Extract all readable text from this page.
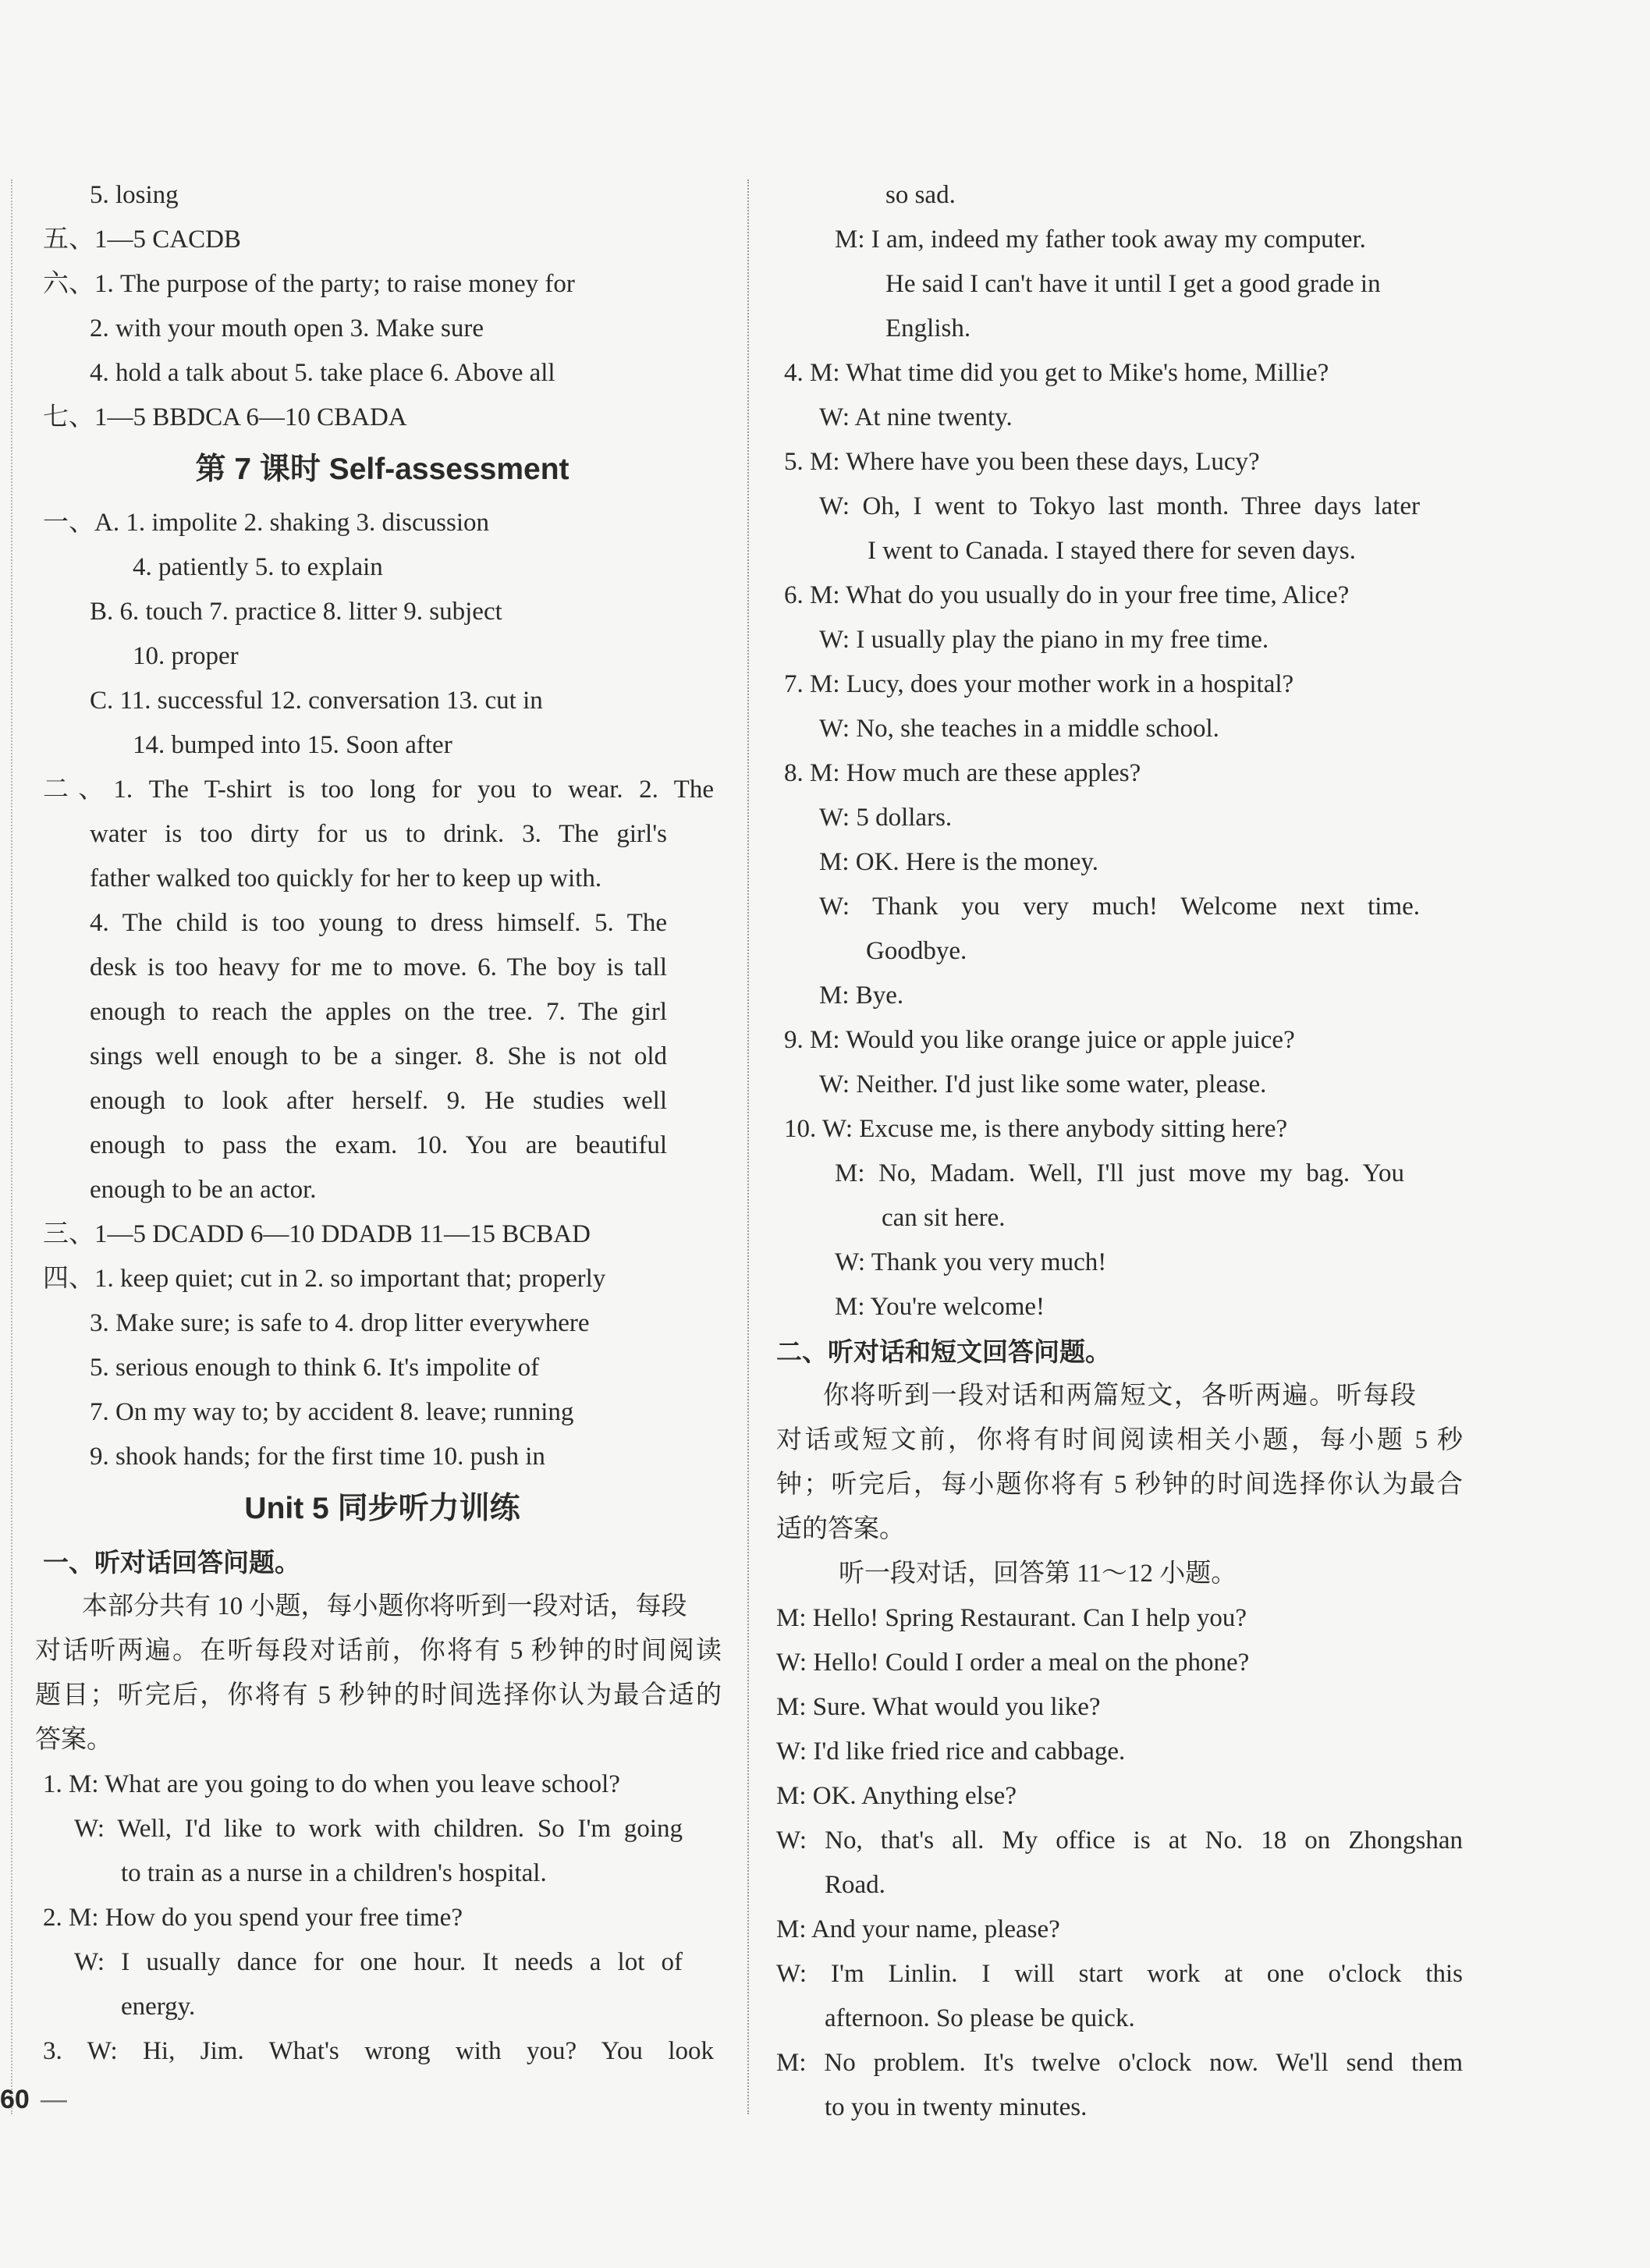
5. losing
五、1—5 CACDB
六、1. The purpose of the party; to raise money for
2. with your mouth open 3. Make sure
4. hold a talk about 5. take place 6. Above all
七、1—5 BBDCA 6—10 CBADA
第 7 课时 Self-assessment
一、A. 1. impolite 2. shaking 3. discussion
4. patiently 5. to explain
B. 6. touch 7. practice 8. litter 9. subject
10. proper
C. 11. successful 12. conversation 13. cut in
14. bumped into 15. Soon after
二、1. The T-shirt is too long for you to wear. 2. The
water is too dirty for us to drink. 3. The girl's
father walked too quickly for her to keep up with.
4. The child is too young to dress himself. 5. The
desk is too heavy for me to move. 6. The boy is tall
enough to reach the apples on the tree. 7. The girl
sings well enough to be a singer. 8. She is not old
enough to look after herself. 9. He studies well
enough to pass the exam. 10. You are beautiful
enough to be an actor.
三、1—5 DCADD 6—10 DDADB 11—15 BCBAD
四、1. keep quiet; cut in 2. so important that; properly
3. Make sure; is safe to 4. drop litter everywhere
5. serious enough to think 6. It's impolite of
7. On my way to; by accident 8. leave; running
9. shook hands; for the first time 10. push in
Unit 5 同步听力训练
一、听对话回答问题。
本部分共有 10 小题，每小题你将听到一段对话，每段
对话听两遍。在听每段对话前，你将有 5 秒钟的时间阅读
题目；听完后，你将有 5 秒钟的时间选择你认为最合适的
答案。
1. M: What are you going to do when you leave school?
W: Well, I'd like to work with children. So I'm going
to train as a nurse in a children's hospital.
2. M: How do you spend your free time?
W: I usually dance for one hour. It needs a lot of
energy.
3. W: Hi, Jim. What's wrong with you? You look
so sad.
M: I am, indeed my father took away my computer.
He said I can't have it until I get a good grade in
English.
4. M: What time did you get to Mike's home, Millie?
W: At nine twenty.
5. M: Where have you been these days, Lucy?
W: Oh, I went to Tokyo last month. Three days later
I went to Canada. I stayed there for seven days.
6. M: What do you usually do in your free time, Alice?
W: I usually play the piano in my free time.
7. M: Lucy, does your mother work in a hospital?
W: No, she teaches in a middle school.
8. M: How much are these apples?
W: 5 dollars.
M: OK. Here is the money.
W: Thank you very much! Welcome next time.
Goodbye.
M: Bye.
9. M: Would you like orange juice or apple juice?
W: Neither. I'd just like some water, please.
10. W: Excuse me, is there anybody sitting here?
M: No, Madam. Well, I'll just move my bag. You
can sit here.
W: Thank you very much!
M: You're welcome!
二、听对话和短文回答问题。
你将听到一段对话和两篇短文，各听两遍。听每段
对话或短文前，你将有时间阅读相关小题，每小题 5 秒
钟；听完后，每小题你将有 5 秒钟的时间选择你认为最合
适的答案。
听一段对话，回答第 11～12 小题。
M: Hello! Spring Restaurant. Can I help you?
W: Hello! Could I order a meal on the phone?
M: Sure. What would you like?
W: I'd like fried rice and cabbage.
M: OK. Anything else?
W: No, that's all. My office is at No. 18 on Zhongshan
Road.
M: And your name, please?
W: I'm Linlin. I will start work at one o'clock this
afternoon. So please be quick.
M: No problem. It's twelve o'clock now. We'll send them
to you in twenty minutes.
60 —
